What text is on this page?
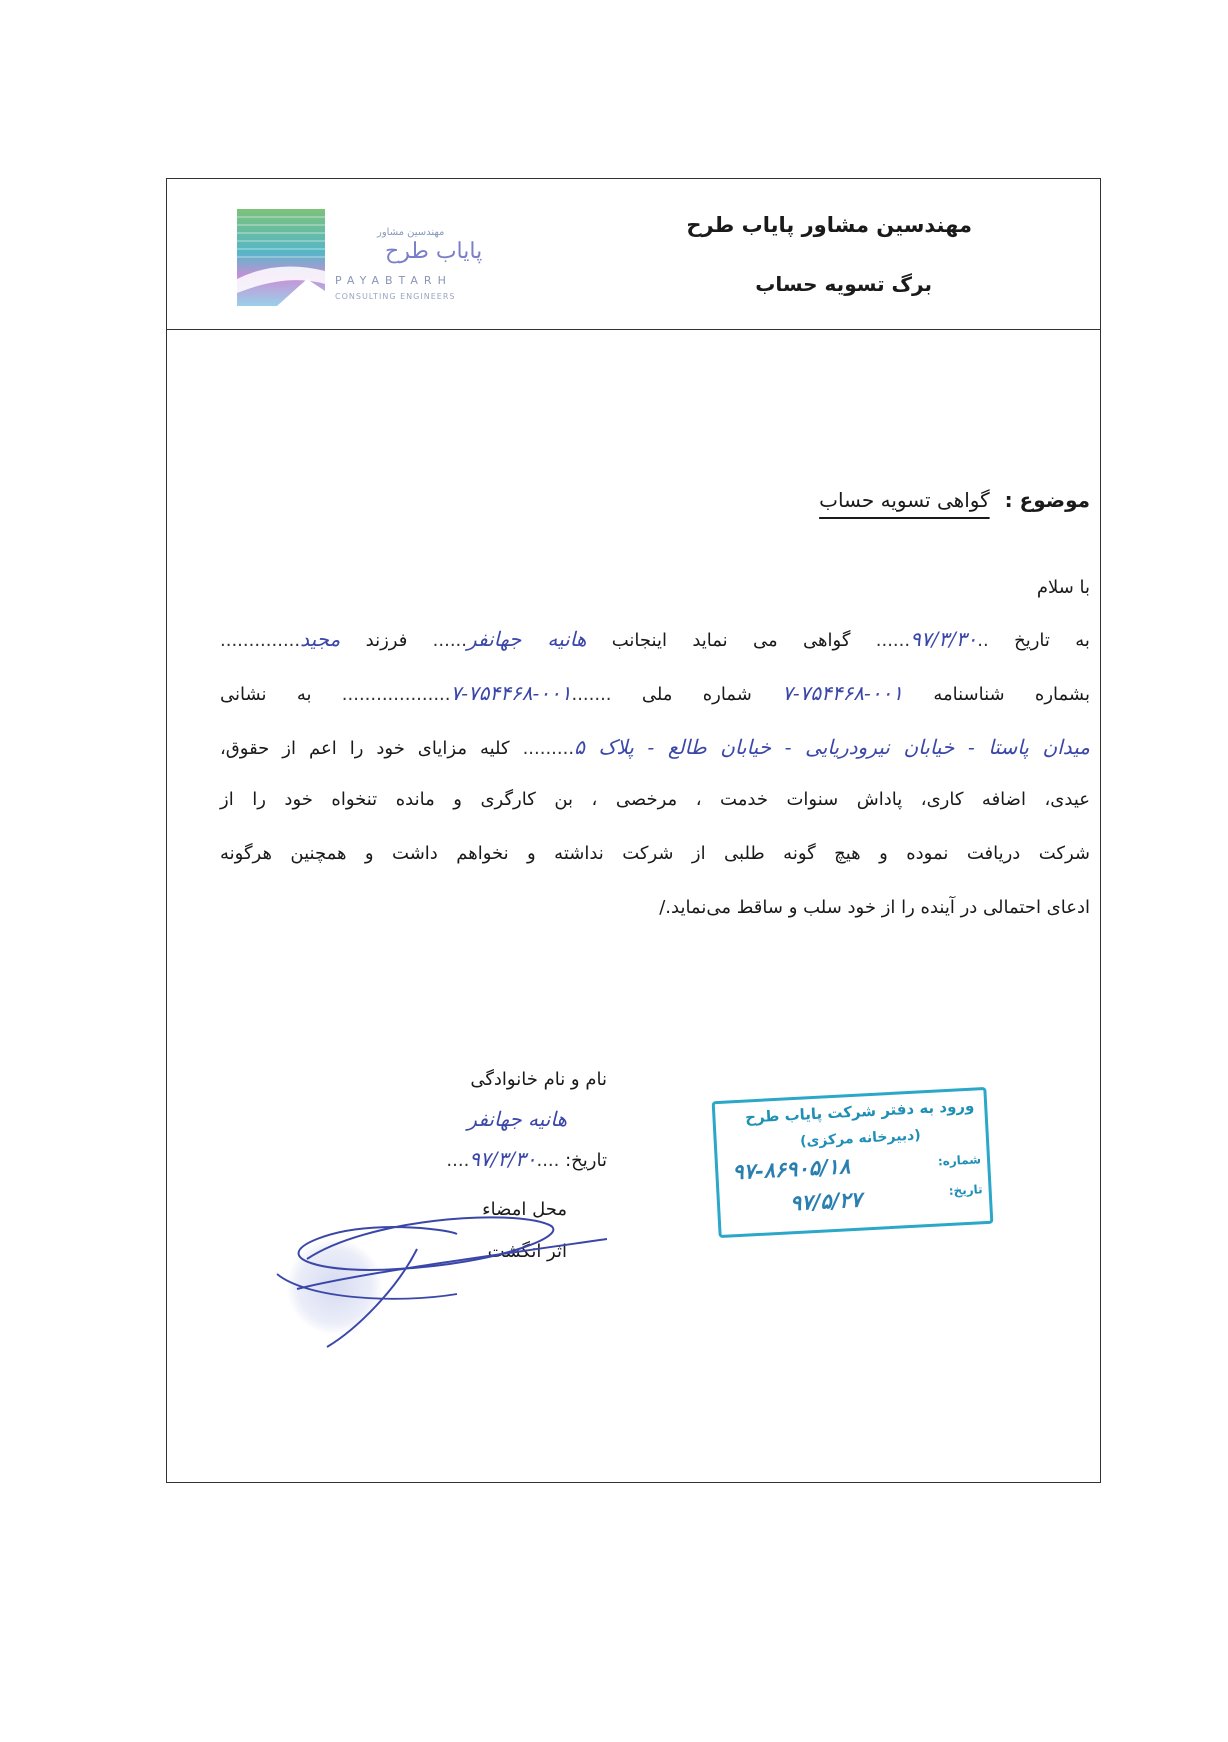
مهندسین مشاور
پایاب طرح
PAYABTARH
CONSULTING ENGINEERS
مهندسین مشاور پایاب طرح
برگ تسویه حساب
موضوع : گواهی تسویه حساب
با سلام
به تاریخ ..۹۷/۳/۳۰...... گواهی می نماید اینجانب هانیه جهانفر...... فرزند مجید..............
بشماره شناسنامه ۰۰۱-۷۵۴۴۶۸-۷ شماره ملی .......۰۰۱-۷۵۴۴۶۸-۷................... به نشانی
میدان پاستا - خیابان نیرودریایی - خیابان طالع - پلاک ۵......... کلیه مزایای خود را اعم از حقوق،
عیدی، اضافه کاری، پاداش سنوات خدمت ، مرخصی ، بن کارگری و مانده تنخواه خود را از
شرکت دریافت نموده و هیچ گونه طلبی از شرکت نداشته و نخواهم داشت و همچنین هرگونه
ادعای احتمالی در آینده را از خود سلب و ساقط می‌نماید./
نام و نام خانوادگی
هانیه جهانفر
تاریخ: ....۹۷/۳/۳۰....
محل امضاء
اثر انگشت
ورود به دفتر شرکت پایاب طرح
(دبیرخانه مرکزی)
شماره:
۹۷-۸۶۹۰۵/۱۸
تاریخ:
۹۷/۵/۲۷
